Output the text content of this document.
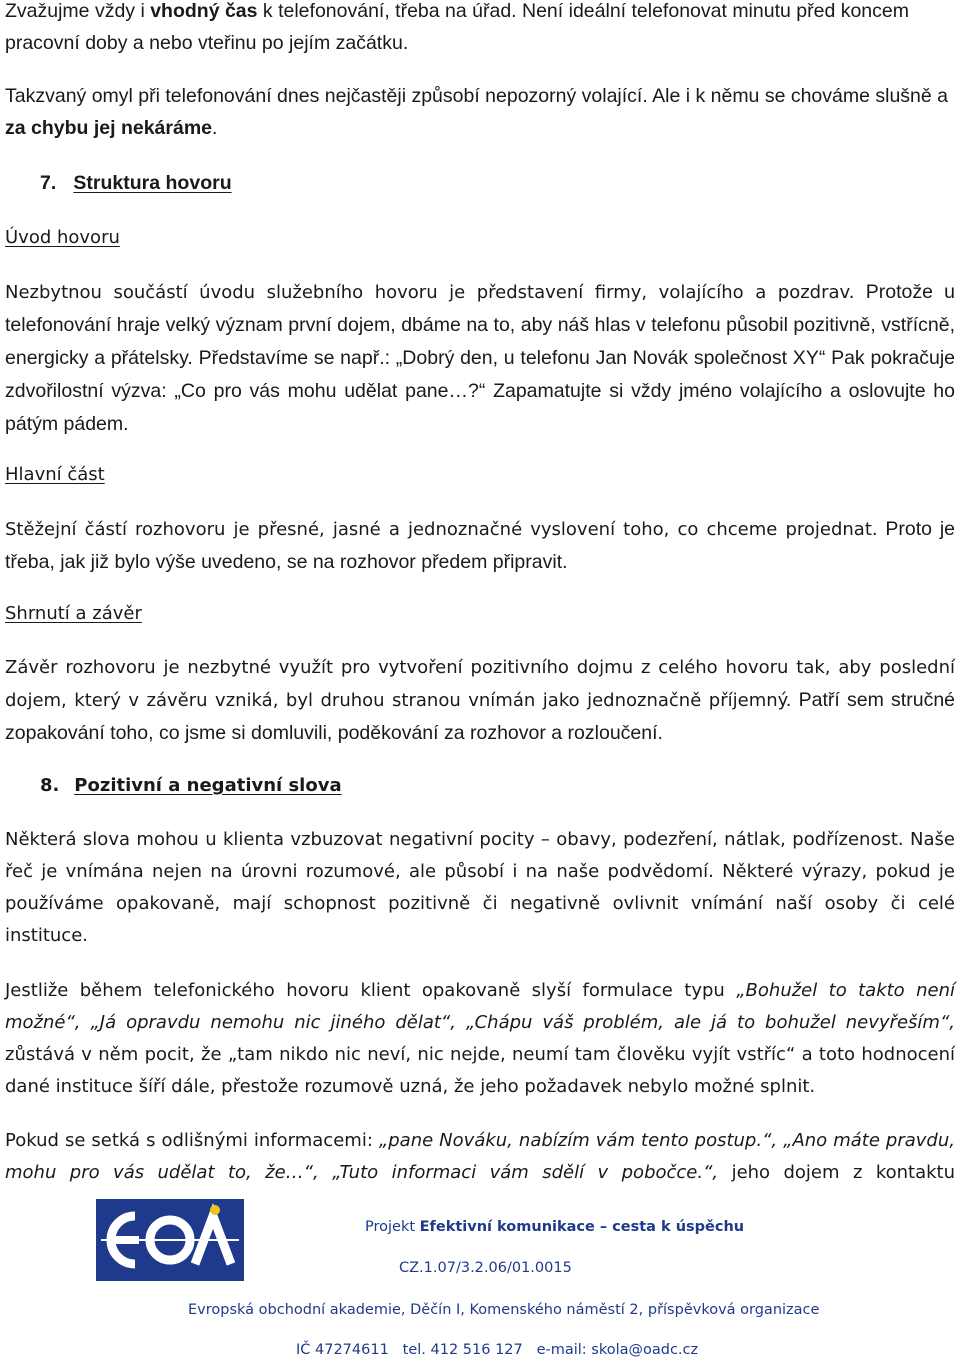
Zvažujme vždy i vhodný čas k telefonování, třeba na úřad. Není ideální telefonovat minutu před koncem pracovní doby a nebo vteřinu po jejím začátku.

Takzvaný omyl při telefonování dnes nejčastěji způsobí nepozorný volající. Ale i k němu se chováme slušně a za chybu jej nekáráme.

7. Struktura hovoru

Úvod hovoru

Nezbytnou součástí úvodu služebního hovoru je představení firmy, volajícího a pozdrav. Protože u telefonování hraje velký význam první dojem, dbáme na to, aby náš hlas v telefonu působil pozitivně, vstřícně, energicky a přátelsky. Představíme se např.: „Dobrý den, u telefonu Jan Novák společnost XY“ Pak pokračuje zdvořilostní výzva: „Co pro vás mohu udělat pane…?“ Zapamatujte si vždy jméno volajícího a oslovujte ho pátým pádem.

Hlavní část

Stěžejní částí rozhovoru je přesné, jasné a jednoznačné vyslovení toho, co chceme projednat. Proto je třeba, jak již bylo výše uvedeno, se na rozhovor předem připravit.

Shrnutí a závěr

Závěr rozhovoru je nezbytné využít pro vytvoření pozitivního dojmu z celého hovoru tak, aby poslední dojem, který v závěru vzniká, byl druhou stranou vnímán jako jednoznačně příjemný. Patří sem stručné zopakování toho, co jsme si domluvili, poděkování za rozhovor a rozloučení.

8. Pozitivní a negativní slova

Některá slova mohou u klienta vzbuzovat negativní pocity – obavy, podezření, nátlak, podřízenost. Naše řeč je vnímána nejen na úrovni rozumové, ale působí i na naše podvědomí. Některé výrazy, pokud je používáme opakovaně, mají schopnost pozitivně či negativně ovlivnit vnímání naší osoby či celé instituce.

Jestliže během telefonického hovoru klient opakovaně slyší formulace typu „Bohužel to takto není možné“, „Já opravdu nemohu nic jiného dělat“, „Chápu váš problém, ale já to bohužel nevyřeším“, zůstává v něm pocit, že „tam nikdo nic neví, nic nejde, neumí tam člověku vyjít vstříc“ a toto hodnocení dané instituce šíří dále, přestože rozumově uzná, že jeho požadavek nebylo možné splnit.

Pokud se setká s odlišnými informacemi: „pane Nováku, nabízím vám tento postup.“, „Ano máte pravdu, mohu pro vás udělat to, že…“, „Tuto informaci vám sdělí v pobočce.“, jeho dojem z kontaktu

Projekt Efektivní komunikace – cesta k úspěchu
CZ.1.07/3.2.06/01.0015
Evropská obchodní akademie, Děčín I, Komenského náměstí 2, příspěvková organizace
IČ 47274611   tel. 412 516 127   e-mail: skola@oadc.cz
